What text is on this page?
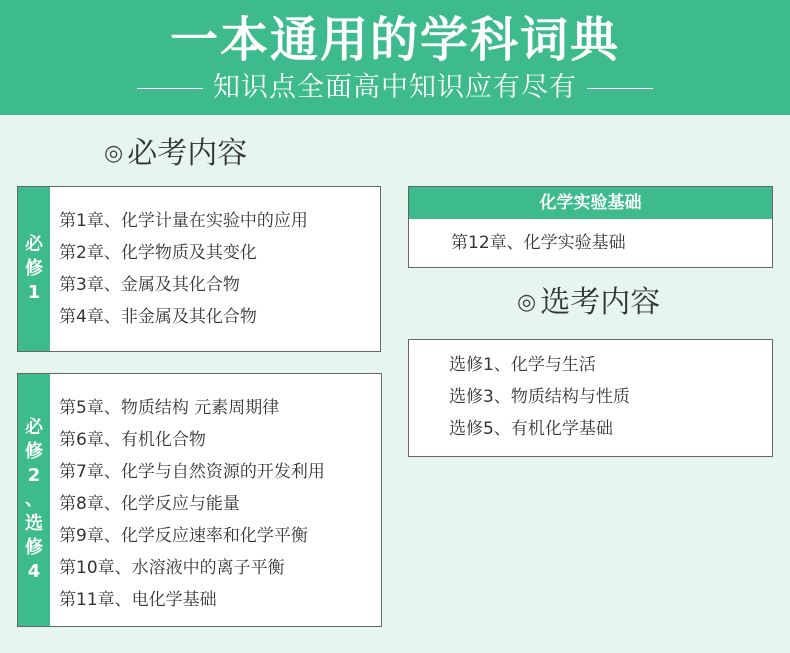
一本通用的学科词典
知识点全面高中知识应有尽有
◎ 必考内容
必
修
1
第1章、化学计量在实验中的应用
第2章、化学物质及其变化
第3章、金属及其化合物
第4章、非金属及其化合物
必
修
2
、
选
修
4
第5章、物质结构 元素周期律
第6章、有机化合物
第7章、化学与自然资源的开发利用
第8章、化学反应与能量
第9章、化学反应速率和化学平衡
第10章、水溶液中的离子平衡
第11章、电化学基础
化学实验基础
第12章、化学实验基础
◎ 选考内容
选修1、化学与生活
选修3、物质结构与性质
选修5、有机化学基础
